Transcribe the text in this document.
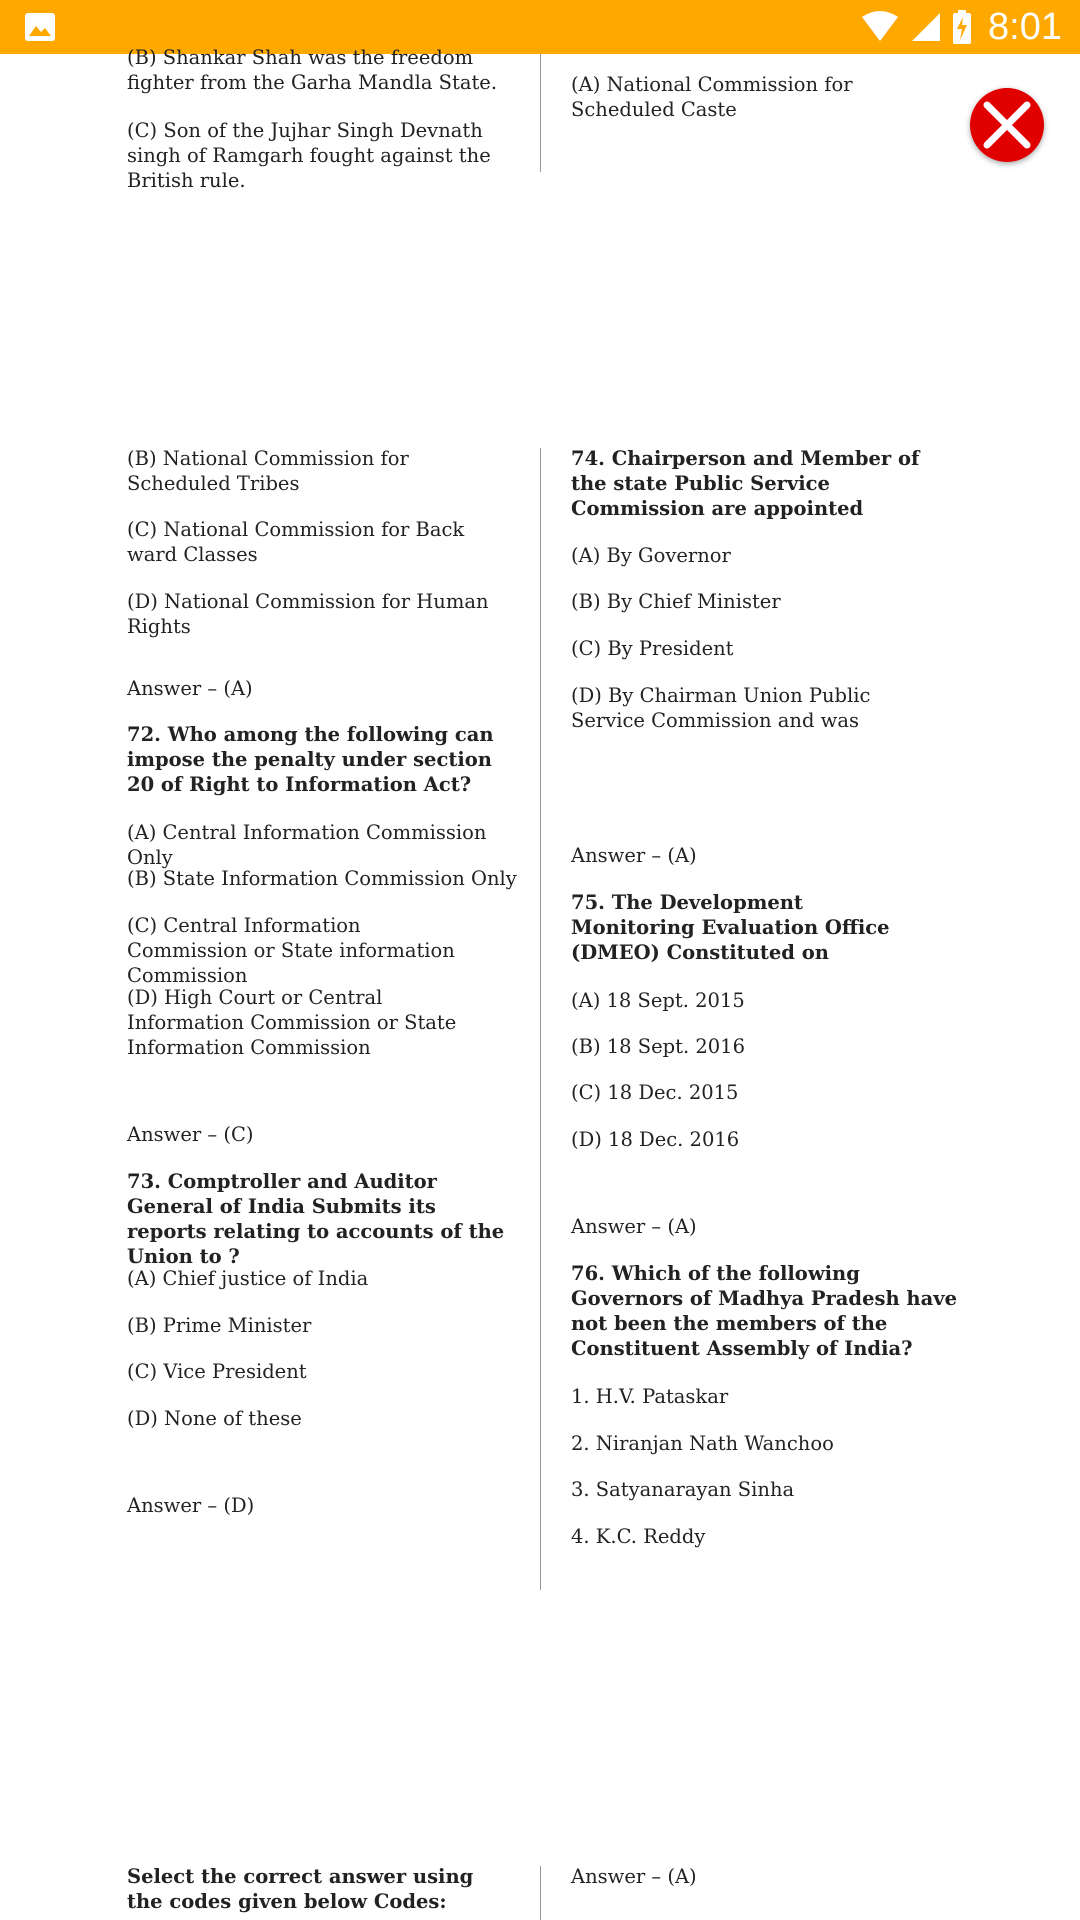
8:01

(B) Shankar Shah was the freedom fighter from the Garha Mandla State.

(C) Son of the Jujhar Singh Devnath singh of Ramgarh fought against the British rule.

(A) National Commission for Scheduled Caste

(B) National Commission for Scheduled Tribes

(C) National Commission for Back ward Classes

(D) National Commission for Human Rights

Answer – (A)

72. Who among the following can impose the penalty under section 20 of Right to Information Act?

(A) Central Information Commission Only

(B) State Information Commission Only

(C) Central Information Commission or State information Commission

(D) High Court or Central Information Commission or State Information Commission

Answer – (C)

73. Comptroller and Auditor General of India Submits its reports relating to accounts of the Union to ?

(A) Chief justice of India

(B) Prime Minister

(C) Vice President

(D) None of these

Answer – (D)

74. Chairperson and Member of the state Public Service Commission are appointed

(A) By Governor

(B) By Chief Minister

(C) By President

(D) By Chairman Union Public Service Commission and was

Answer – (A)

75. The Development Monitoring Evaluation Office (DMEO) Constituted on

(A) 18 Sept. 2015

(B) 18 Sept. 2016

(C) 18 Dec. 2015

(D) 18 Dec. 2016

Answer – (A)

76. Which of the following Governors of Madhya Pradesh have not been the members of the Constituent Assembly of India?

1. H.V. Pataskar

2. Niranjan Nath Wanchoo

3. Satyanarayan Sinha

4. K.C. Reddy

Select the correct answer using the codes given below Codes:

Answer – (A)
